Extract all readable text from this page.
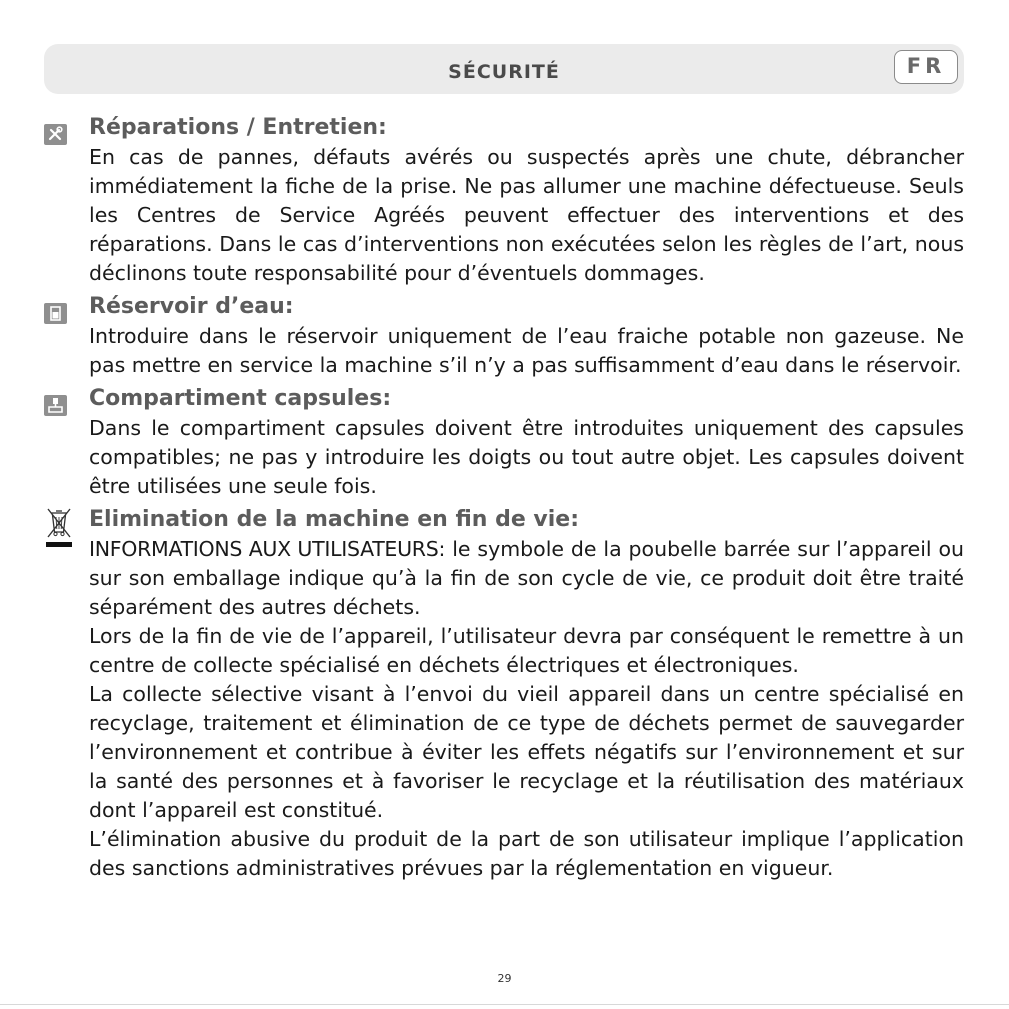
SÉCURITÉ	FR
Réparations / Entretien:

En cas de pannes, défauts avérés ou suspectés après une chute, débrancher immédiatement la fiche de la prise. Ne pas allumer une machine défectueuse. Seuls les Centres de Service Agréés peuvent effectuer des interventions et des réparations. Dans le cas d’interventions non exécutées selon les règles de l’art, nous déclinons toute responsabilité pour d’éventuels dommages.

Réservoir d’eau:

Introduire dans le réservoir uniquement de l’eau fraiche potable non gazeuse. Ne pas mettre en service la machine s’il n’y a pas suffisamment d’eau dans le réservoir.

Compartiment capsules:

Dans le compartiment capsules doivent être introduites uniquement des capsules compatibles; ne pas y introduire les doigts ou tout autre objet. Les capsules doivent être utilisées une seule fois.

Elimination de la machine en fin de vie:

INFORMATIONS AUX UTILISATEURS: le symbole de la poubelle barrée sur l’appareil ou sur son emballage indique qu’à la fin de son cycle de vie, ce produit doit être traité séparément des autres déchets.

Lors de la fin de vie de l’appareil, l’utilisateur devra par conséquent le remettre à un centre de collecte spécialisé en déchets électriques et électroniques.

La collecte sélective visant à l’envoi du vieil appareil dans un centre spécialisé en recyclage, traitement et élimination de ce type de déchets permet de sauvegarder l’environnement et contribue à éviter les effets négatifs sur l’environnement et sur la santé des personnes et à favoriser le recyclage et la réutilisation des matériaux dont l’appareil est constitué.

L’élimination abusive du produit de la part de son utilisateur implique l’application des sanctions administratives prévues par la réglementation en vigueur.

29
